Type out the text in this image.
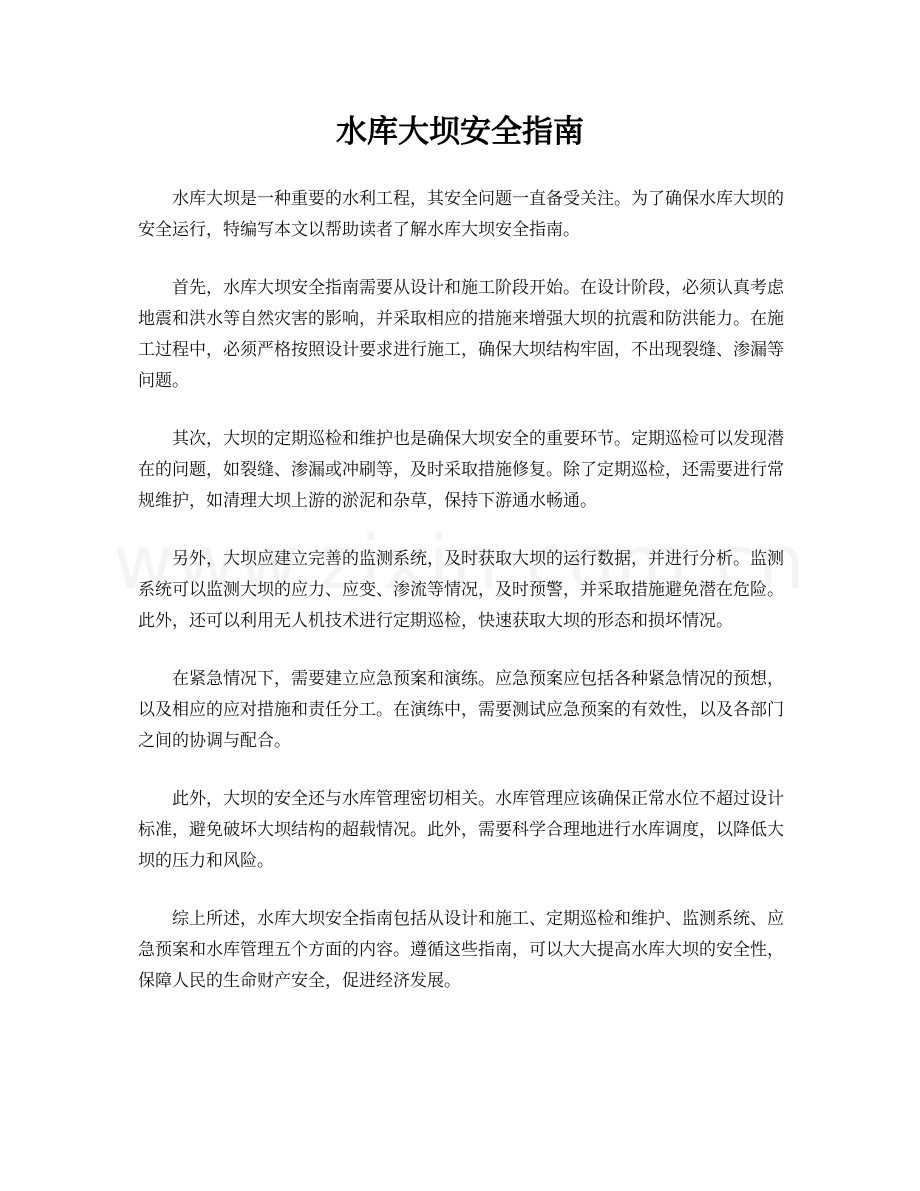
水库大坝安全指南

水库大坝是一种重要的水利工程，其安全问题一直备受关注。为了确保水库大坝的安全运行，特编写本文以帮助读者了解水库大坝安全指南。

首先，水库大坝安全指南需要从设计和施工阶段开始。在设计阶段，必须认真考虑地震和洪水等自然灾害的影响，并采取相应的措施来增强大坝的抗震和防洪能力。在施工过程中，必须严格按照设计要求进行施工，确保大坝结构牢固，不出现裂缝、渗漏等问题。

其次，大坝的定期巡检和维护也是确保大坝安全的重要环节。定期巡检可以发现潜在的问题，如裂缝、渗漏或冲刷等，及时采取措施修复。除了定期巡检，还需要进行常规维护，如清理大坝上游的淤泥和杂草，保持下游通水畅通。

另外，大坝应建立完善的监测系统，及时获取大坝的运行数据，并进行分析。监测系统可以监测大坝的应力、应变、渗流等情况，及时预警，并采取措施避免潜在危险。此外，还可以利用无人机技术进行定期巡检，快速获取大坝的形态和损坏情况。

在紧急情况下，需要建立应急预案和演练。应急预案应包括各种紧急情况的预想，以及相应的应对措施和责任分工。在演练中，需要测试应急预案的有效性，以及各部门之间的协调与配合。

此外，大坝的安全还与水库管理密切相关。水库管理应该确保正常水位不超过设计标准，避免破坏大坝结构的超载情况。此外，需要科学合理地进行水库调度，以降低大坝的压力和风险。

综上所述，水库大坝安全指南包括从设计和施工、定期巡检和维护、监测系统、应急预案和水库管理五个方面的内容。遵循这些指南，可以大大提高水库大坝的安全性，保障人民的生命财产安全，促进经济发展。
